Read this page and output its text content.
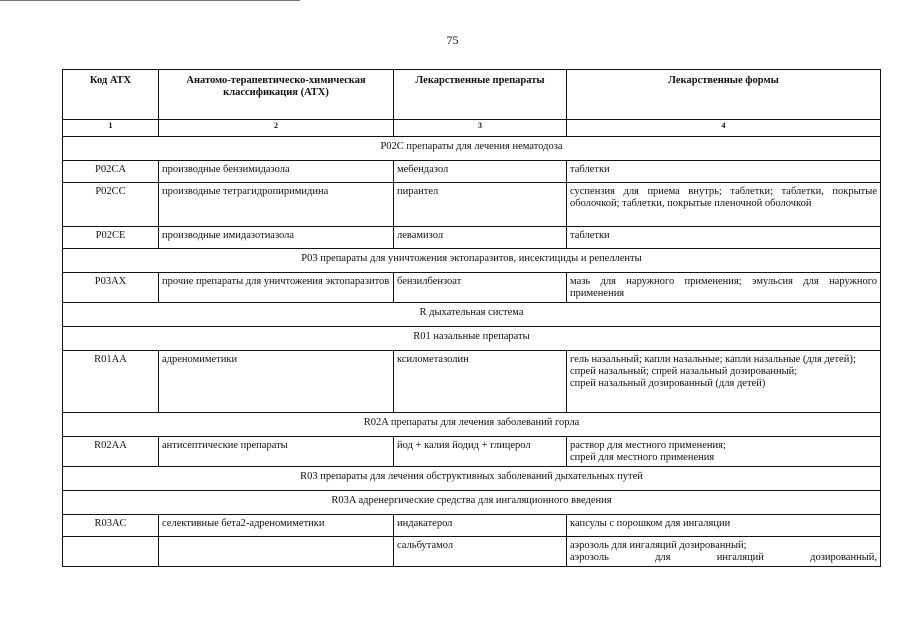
75
Код АТХ	Анатомо-терапевтическо-химическая классификация (АТХ)	Лекарственные препараты	Лекарственные формы
1	2	3	4
P02C препараты для лечения нематодоза			
P02CA	производные бензимидазола	мебендазол	таблетки
P02CC	производные тетрагидропиримидина	пирантел	суспензия для приема внутрь; таблетки; таблетки, покрытые оболочкой; таблетки, покрытые пленочной оболочкой
P02CE	производные имидазотиазола	левамизол	таблетки
P03 препараты для уничтожения эктопаразитов, инсектициды и репелленты			
P03AX	прочие препараты для уничтожения эктопаразитов	бензилбензоат	мазь для наружного применения; эмульсия для наружного применения
R дыхательная система			
R01 назальные препараты			
R01AA	адреномиметики	ксилометазолин	гель назальный; капли назальные; капли назальные (для детей); спрей назальный; спрей назальный дозированный;
спрей назальный дозированный (для детей)

R02A препараты для лечения заболеваний горла			
R02AA	антисептические препараты	йод + калия йодид + глицерол	раствор для местного применения;
спрей для местного применения

R03 препараты для лечения обструктивных заболеваний дыхательных путей			
R03A адренергические средства для ингаляционного введения			
R03AC	селективные бета2-адреномиметики	индакатерол	капсулы с порошком для ингаляции
		сальбутамол	аэрозоль для ингаляций дозированный;
аэрозоль для ингаляций дозированный,
